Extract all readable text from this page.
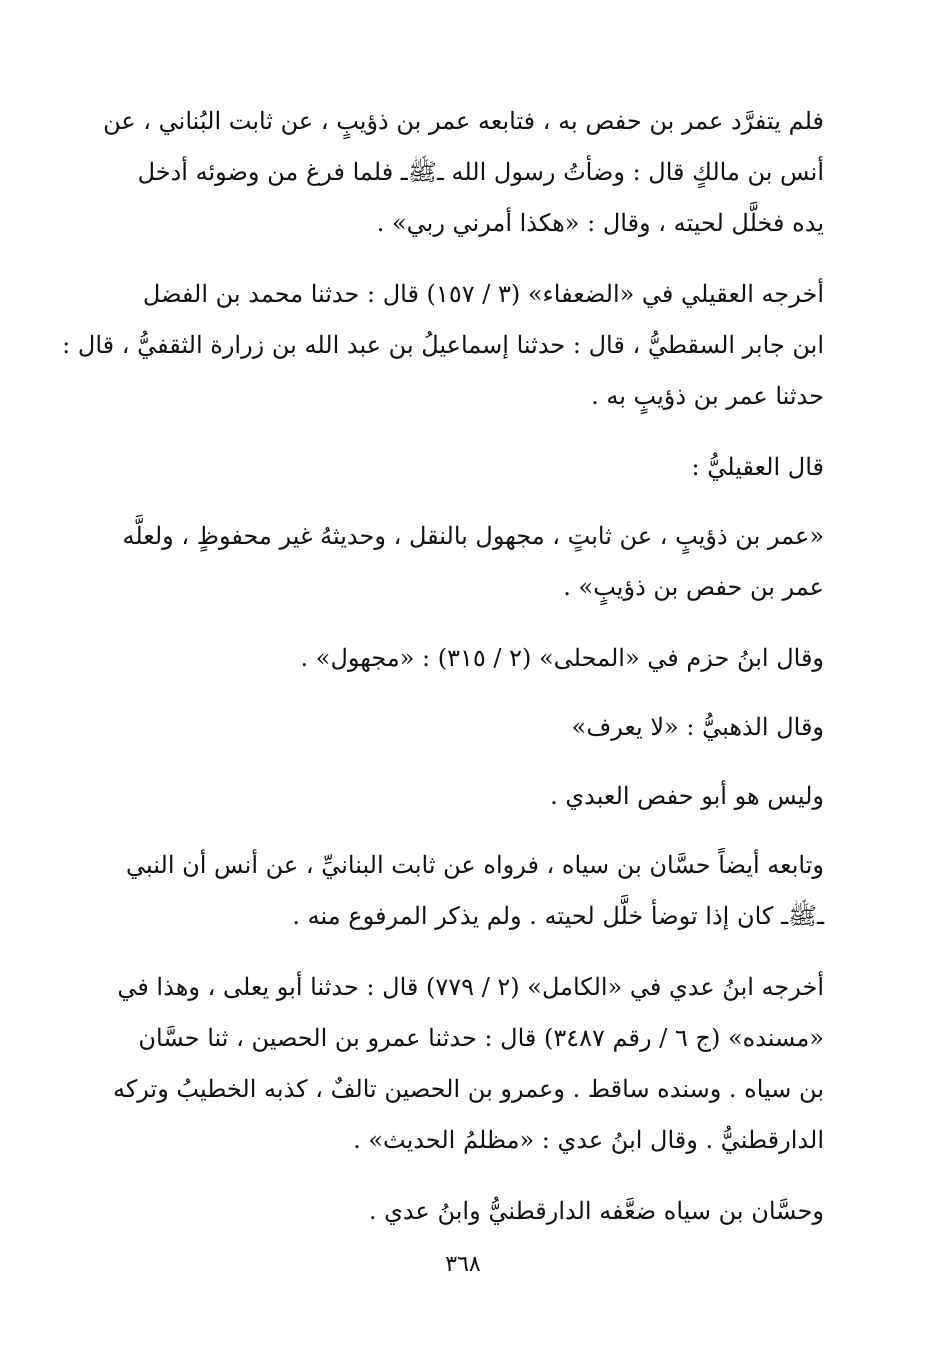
فلم يتفرَّد عمر بن حفص به ، فتابعه عمر بن ذؤيبٍ ، عن ثابت البُناني ، عن
أنس بن مالكٍ قال : وضأتُ رسول الله ـﷺـ فلما فرغ من وضوئه أدخل
يده فخلَّل لحيته ، وقال : «هكذا أمرني ربي» .
أخرجه العقيلي في «الضعفاء» (٣ / ١٥٧) قال : حدثنا محمد بن الفضل
ابن جابر السقطيُّ ، قال : حدثنا إسماعيلُ بن عبد الله بن زرارة الثقفيُّ ، قال :
حدثنا عمر بن ذؤيبٍ به .
قال العقيليُّ :
«عمر بن ذؤيبٍ ، عن ثابتٍ ، مجهول بالنقل ، وحديثهُ غير محفوظٍ ، ولعلَّه
عمر بن حفص بن ذؤيبٍ» .
وقال ابنُ حزم في «المحلى» (٢ / ٣١٥) : «مجهول» .
وقال الذهبيُّ : «لا يعرف»
وليس هو أبو حفص العبدي .
وتابعه أيضاً حسَّان بن سياه ، فرواه عن ثابت البنانيِّ ، عن أنس أن النبي
ـﷺـ كان إذا توضأ خلَّل لحيته . ولم يذكر المرفوع منه .
أخرجه ابنُ عدي في «الكامل» (٢ / ٧٧٩) قال : حدثنا أبو يعلى ، وهذا في
«مسنده» (ج ٦ / رقم ٣٤٨٧) قال : حدثنا عمرو بن الحصين ، ثنا حسَّان
بن سياه . وسنده ساقط . وعمرو بن الحصين تالفٌ ، كذبه الخطيبُ وتركه
الدارقطنيُّ . وقال ابنُ عدي : «مظلمُ الحديث» .
وحسَّان بن سياه ضعَّفه الدارقطنيُّ وابنُ عدي .
٣٦٨
